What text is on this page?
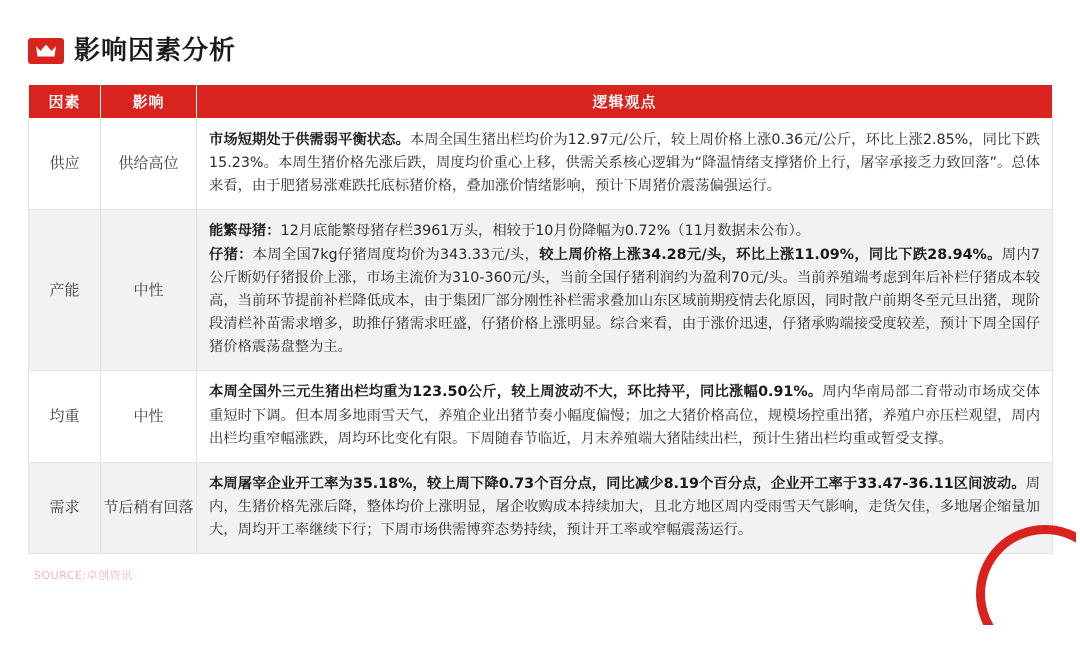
影响因素分析
因素	影响	逻辑观点
供应	供给高位	市场短期处于供需弱平衡状态。本周全国生猪出栏均价为12.97元/公斤，较上周价格上涨0.36元/公斤，环比上涨2.85%，同比下跌15.23%。本周生猪价格先涨后跌，周度均价重心上移，供需关系核心逻辑为“降温情绪支撑猪价上行，屠宰承接乏力致回落”。总体来看，由于肥猪易涨难跌托底标猪价格，叠加涨价情绪影响，预计下周猪价震荡偏强运行。
产能	中性	能繁母猪：12月底能繁母猪存栏3961万头，相较于10月份降幅为0.72%（11月数据未公布）。
仔猪：本周全国7kg仔猪周度均价为343.33元/头，较上周价格上涨34.28元/头，环比上涨11.09%，同比下跌28.94%。周内7公斤断奶仔猪报价上涨，市场主流价为310-360元/头，当前全国仔猪利润约为盈利70元/头。当前养殖端考虑到年后补栏仔猪成本较高，当前环节提前补栏降低成本，由于集团厂部分刚性补栏需求叠加山东区域前期疫情去化原因，同时散户前期冬至元旦出猪，现阶段清栏补苗需求增多，助推仔猪需求旺盛，仔猪价格上涨明显。综合来看，由于涨价迅速，仔猪承购端接受度较差，预计下周全国仔猪价格震荡盘整为主。
均重	中性	本周全国外三元生猪出栏均重为123.50公斤，较上周波动不大，环比持平，同比涨幅0.91%。周内华南局部二育带动市场成交体重短时下调。但本周多地雨雪天气，养殖企业出猪节奏小幅度偏慢；加之大猪价格高位，规模场控重出猪，养殖户亦压栏观望，周内出栏均重窄幅涨跌，周均环比变化有限。下周随春节临近，月末养殖端大猪陆续出栏，预计生猪出栏均重或暂受支撑。
需求	节后稍有回落	本周屠宰企业开工率为35.18%，较上周下降0.73个百分点，同比减少8.19个百分点，企业开工率于33.47-36.11区间波动。周内，生猪价格先涨后降，整体均价上涨明显，屠企收购成本持续加大，且北方地区周内受雨雪天气影响，走货欠佳，多地屠企缩量加大，周均开工率继续下行；下周市场供需博弈态势持续，预计开工率或窄幅震荡运行。
SOURCE:卓创资讯
